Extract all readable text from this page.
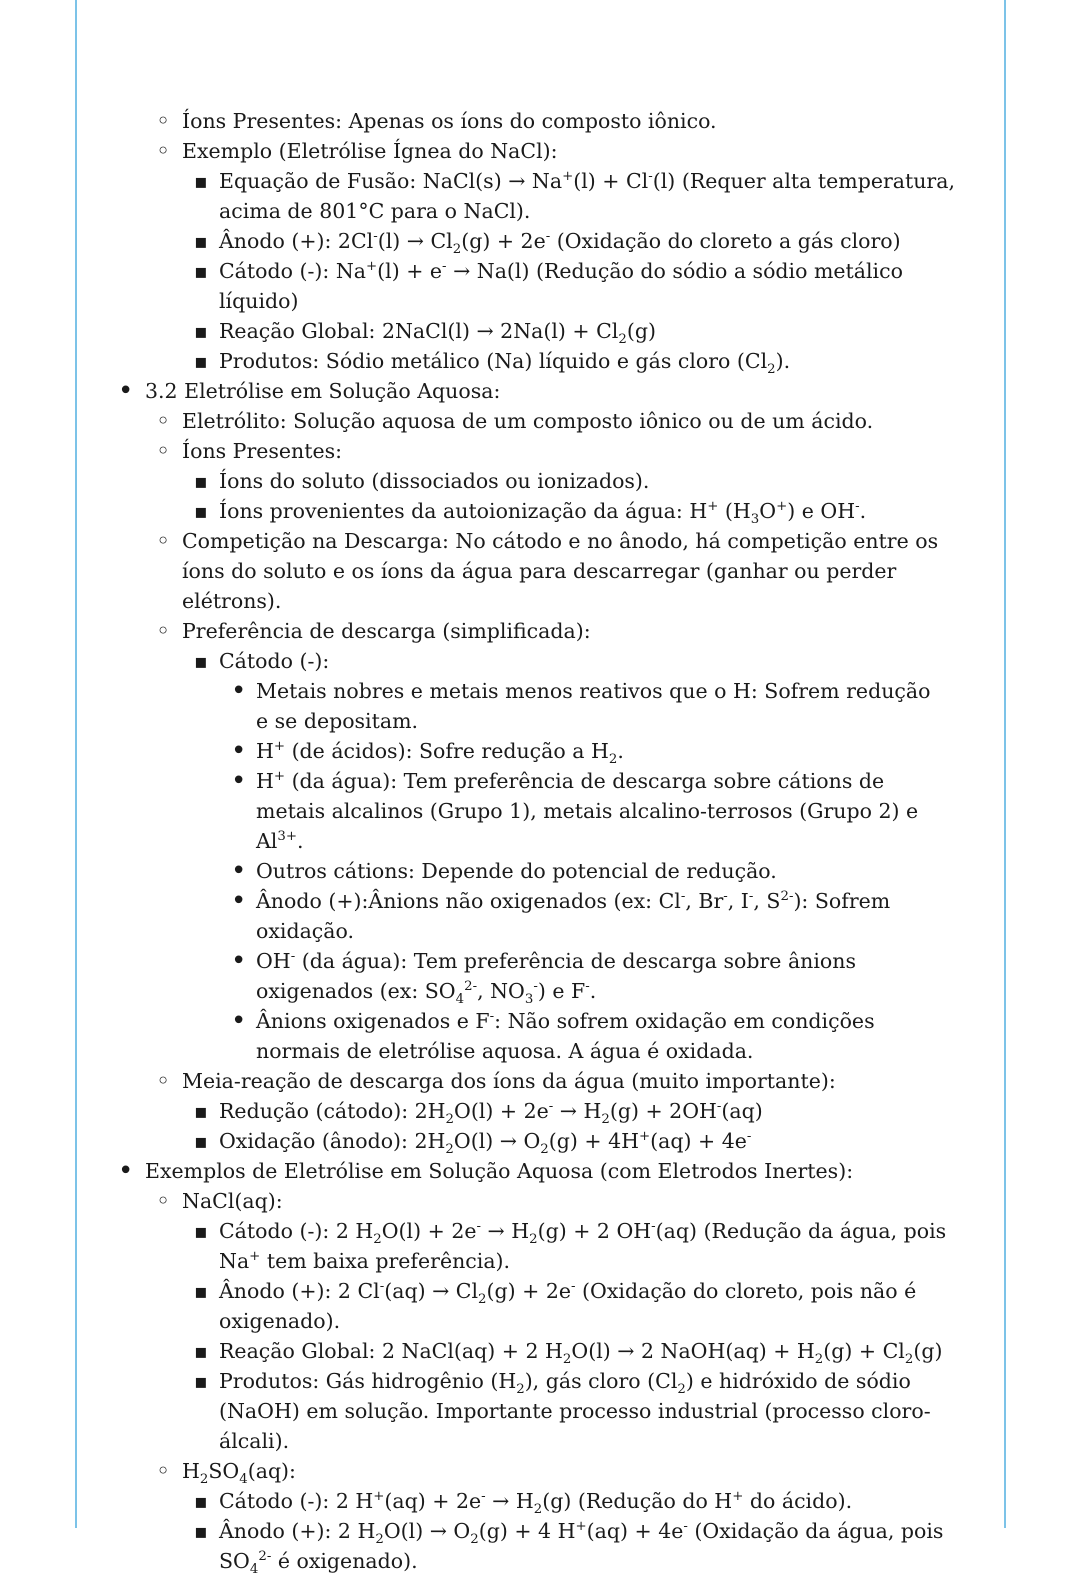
◦
Íons Presentes: Apenas os íons do composto iônico.
◦
Exemplo (Eletrólise Ígnea do NaCl):
▪
Equação de Fusão: NaCl(s) → Na+(l) + Cl-(l) (Requer alta temperatura, acima de 801°C para o NaCl).
▪
Ânodo (+): $2Cl^-(l) \to Cl_2(g) + 2e^-$ (Oxidação do cloreto a gás cloro)
▪
Cátodo (-): Na+(l) + e- → Na(l) (Redução do sódio a sódio metálico líquido)
▪
Reação Global: 2NaCl(l) → $2Na(l) + Cl_2(g)$
▪
Produtos: Sódio metálico (Na) líquido e gás cloro $(Cl_2)$.
•
3.2 Eletrólise em Solução Aquosa:
◦
Eletrólito: Solução aquosa de um composto iônico ou de um ácido.
◦
Íons Presentes:
▪
Íons do soluto (dissociados ou ionizados).
▪
Íons provenientes da autoionização da água: H+ $(H_3O^+)$ e OH-.
◦
Competição na Descarga: No cátodo e no ânodo, há competição entre os íons do soluto e os íons da água para descarregar (ganhar ou perder elétrons).
◦
Preferência de descarga (simplificada):
▪
Cátodo (-):
•
Metais nobres e metais menos reativos que o H: Sofrem redução e se depositam.
•
H+ (de ácidos): Sofre redução a $H_2$.
•
H+ (da água): Tem preferência de descarga sobre cátions de metais alcalinos (Grupo 1), metais alcalino-terrosos (Grupo 2) e $Al^{3+}$.
•
Outros cátions: Depende do potencial de redução.
•
Ânodo (+):Ânions não oxigenados (ex: Cl-, Br-, I-, $S^{2-}$): Sofrem oxidação.
•
OH- (da água): Tem preferência de descarga sobre ânions oxigenados (ex: $SO_4^{2-}$, $NO_3^-$) e F-.
•
Ânions oxigenados e F-: Não sofrem oxidação em condições normais de eletrólise aquosa. A água é oxidada.
◦
Meia-reação de descarga dos íons da água (muito importante):
▪
Redução (cátodo): $2H_2O(l) + 2e^- \to H_2(g) + 2OH^-(aq)$
▪
Oxidação (ânodo): $2H_2O(l) \to O_2(g) + 4H^+(aq) + 4e^-$
•
Exemplos de Eletrólise em Solução Aquosa (com Eletrodos Inertes):
◦
NaCl(aq):
▪
Cátodo (-): 2 $H_2O(l) + 2e^- \to H_2(g) + 2$ OH-(aq) (Redução da água, pois Na+ tem baixa preferência).
▪
Ânodo (+): 2 $Cl^-(aq) \to Cl_2(g) + 2e^-$ (Oxidação do cloreto, pois não é oxigenado).
▪
Reação Global: 2 NaCl(aq) + 2 $H_2O(l) \to 2$ NaOH(aq) + $H_2(g) + Cl_2(g)$
▪
Produtos: Gás hidrogênio $(H_2)$, gás cloro $(Cl_2)$ e hidróxido de sódio (NaOH) em solução. Importante processo industrial (processo cloro-álcali).
◦
$H_2SO_4(aq)$:
▪
Cátodo (-): 2 $H^+(aq) + 2e^- \to H_2(g)$ (Redução do H+ do ácido).
▪
Ânodo (+): 2 $H_2O(l) \to O_2(g) + 4$ H+(aq) + 4e- (Oxidação da água, pois $SO_4^{2-}$ é oxigenado).
